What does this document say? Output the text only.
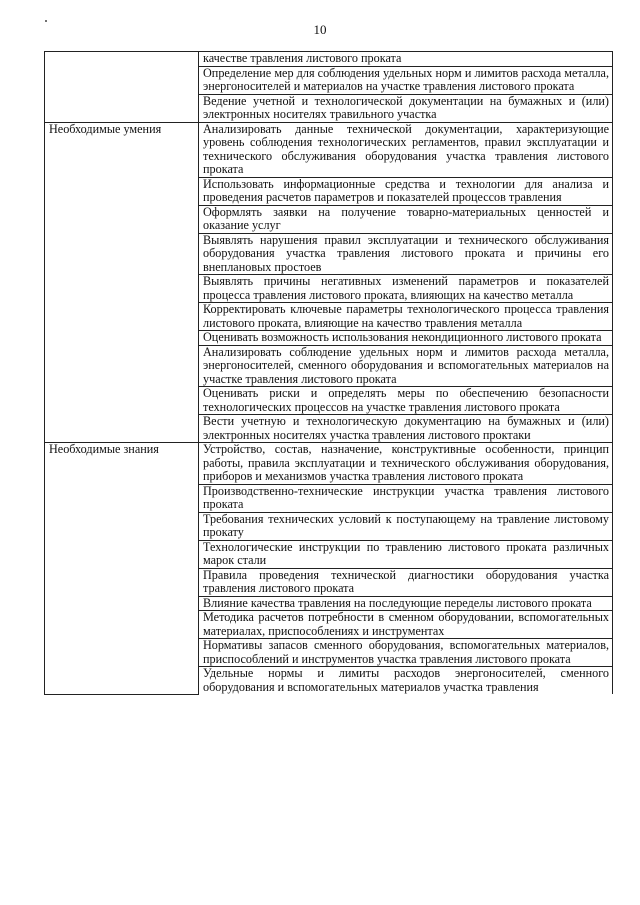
10
	качестве травления листового проката
	Определение мер для соблюдения удельных норм и лимитов расхода металла, энергоносителей и материалов на участке травления листового проката
	Ведение учетной и технологической документации на бумажных и (или) электронных носителях травильного участка
Необходимые умения	Анализировать данные технической документации, характеризующие уровень соблюдения технологических регламентов, правил эксплуатации и технического обслуживания оборудования участка травления листового проката
	Использовать информационные средства и технологии для анализа и проведения расчетов параметров и показателей процессов травления
	Оформлять заявки на получение товарно-материальных ценностей и оказание услуг
	Выявлять нарушения правил эксплуатации и технического обслуживания оборудования участка травления листового проката и причины его внеплановых простоев
	Выявлять причины негативных изменений параметров и показателей процесса травления листового проката, влияющих на качество металла
	Корректировать ключевые параметры технологического процесса травления листового проката, влияющие на качество травления металла
	Оценивать возможность использования некондиционного листового проката
	Анализировать соблюдение удельных норм и лимитов расхода металла, энергоносителей, сменного оборудования и вспомогательных материалов на участке травления листового проката
	Оценивать риски и определять меры по обеспечению безопасности технологических процессов на участке травления листового проката
	Вести учетную и технологическую документацию на бумажных и (или) электронных носителях участка травления листового проктаки
Необходимые знания	Устройство, состав, назначение, конструктивные особенности, принцип работы, правила эксплуатации и технического обслуживания оборудования, приборов и механизмов участка травления листового проката
	Производственно-технические инструкции участка травления листового проката
	Требования технических условий к поступающему на травление листовому прокату
	Технологические инструкции по травлению листового проката различных марок стали
	Правила проведения технической диагностики оборудования участка травления листового проката
	Влияние качества травления на последующие переделы листового проката
	Методика расчетов потребности в сменном оборудовании, вспомогательных материалах, приспособлениях и инструментах
	Нормативы запасов сменного оборудования, вспомогательных материалов, приспособлений и инструментов участка травления листового проката
	Удельные нормы и лимиты расходов энергоносителей, сменного оборудования и вспомогательных материалов участка травления
